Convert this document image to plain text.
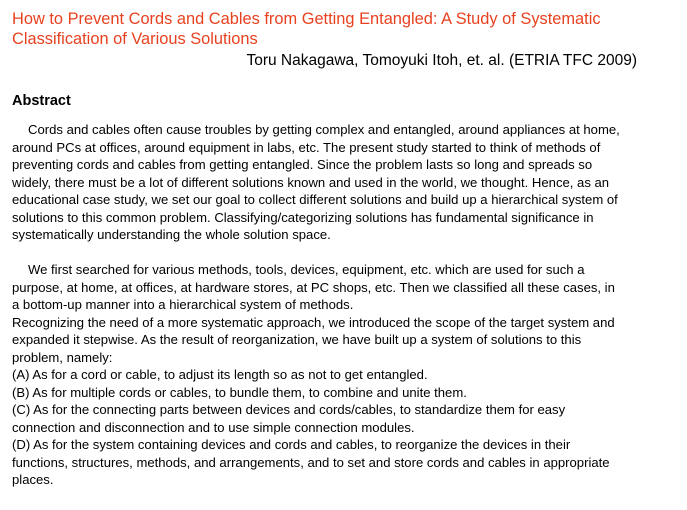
How to Prevent Cords and Cables from Getting Entangled: A Study of Systematic Classification of Various Solutions

Toru Nakagawa, Tomoyuki Itoh, et. al. (ETRIA TFC 2009)

Abstract

Cords and cables often cause troubles by getting complex and entangled, around appliances at home,
around PCs at offices, around equipment in labs, etc. The present study started to think of methods of
preventing cords and cables from getting entangled. Since the problem lasts so long and spreads so
widely, there must be a lot of different solutions known and used in the world, we thought. Hence, as an
educational case study, we set our goal to collect different solutions and build up a hierarchical system of
solutions to this common problem. Classifying/categorizing solutions has fundamental significance in
systematically understanding the whole solution space.

We first searched for various methods, tools, devices, equipment, etc. which are used for such a
purpose, at home, at offices, at hardware stores, at PC shops, etc. Then we classified all these cases, in
a bottom-up manner into a hierarchical system of methods.
Recognizing the need of a more systematic approach, we introduced the scope of the target system and
expanded it stepwise. As the result of reorganization, we have built up a system of solutions to this
problem, namely:
(A) As for a cord or cable, to adjust its length so as not to get entangled.
(B) As for multiple cords or cables, to bundle them, to combine and unite them.
(C) As for the connecting parts between devices and cords/cables, to standardize them for easy
connection and disconnection and to use simple connection modules.
(D) As for the system containing devices and cords and cables, to reorganize the devices in their
functions, structures, methods, and arrangements, and to set and store cords and cables in appropriate
places.
